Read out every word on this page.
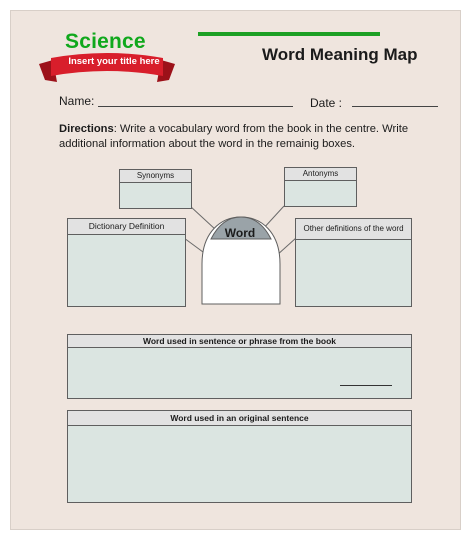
Science
Insert your title here	Word Meaning Map
Name:	Date :
Directions: Write a vocabulary word from the book in the centre. Write additional information about the word in the remainig boxes.
Word
Synonyms	Antonyms
Dictionary Definition	Other definitions of the word
Word used in sentence or phrase from the book
Word used in an original sentence
